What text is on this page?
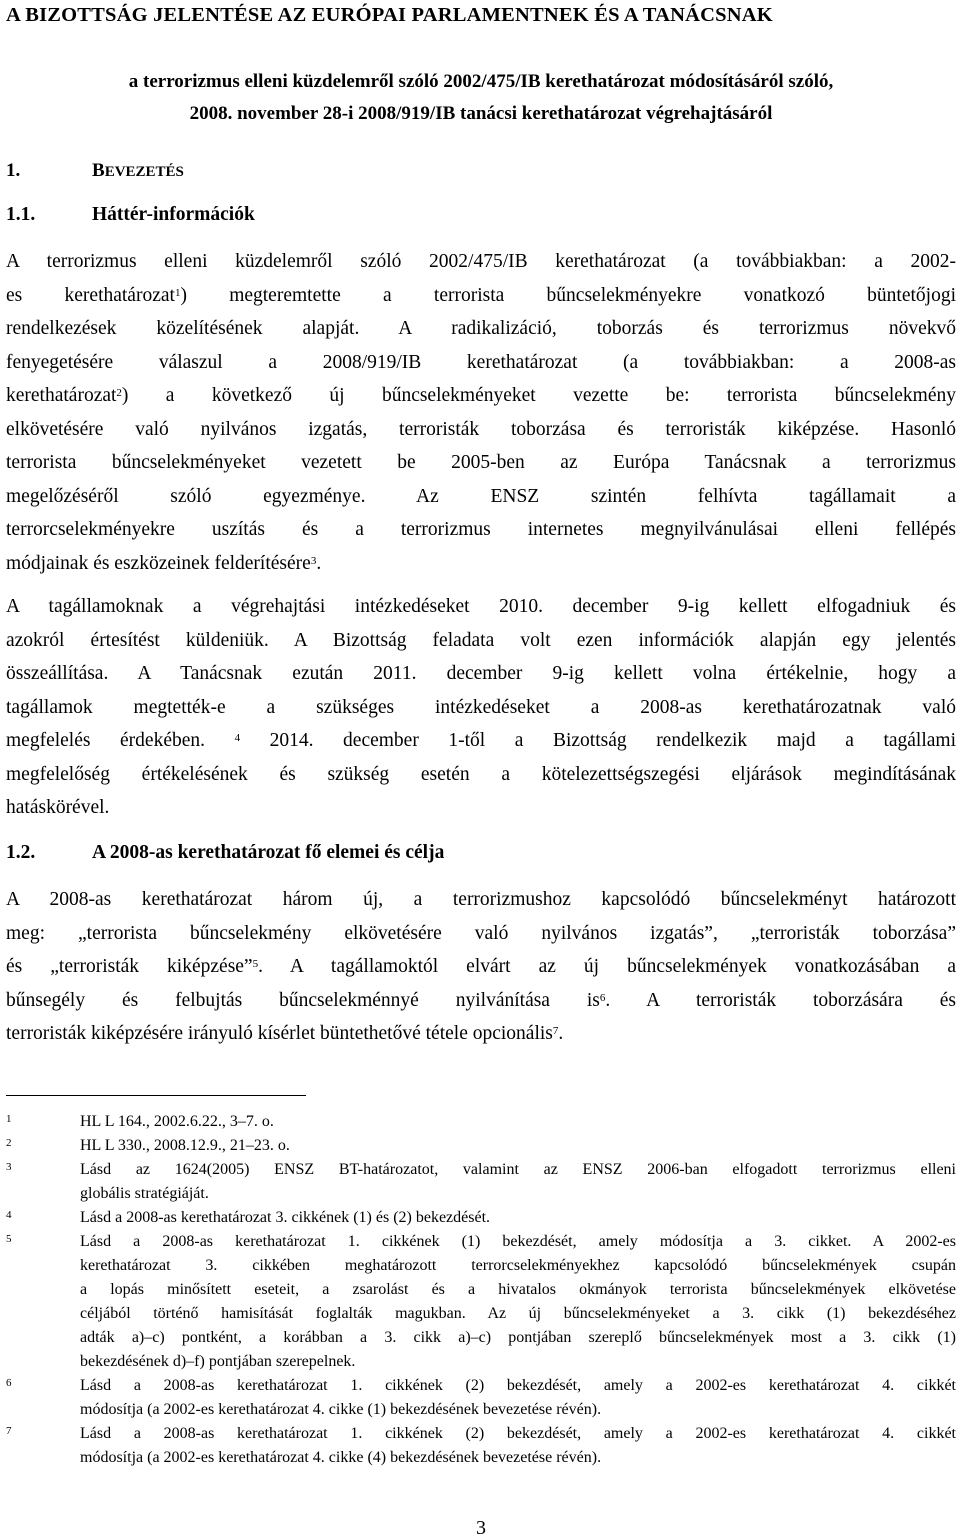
A BIZOTTSÁG JELENTÉSE AZ EURÓPAI PARLAMENTNEK ÉS A TANÁCSNAK
a terrorizmus elleni küzdelemről szóló 2002/475/IB kerethatározat módosításáról szóló,
2008. november 28-i 2008/919/IB tanácsi kerethatározat végrehajtásáról
1.	BEVEZETÉS
1.1.	Háttér-információk
A terrorizmus elleni küzdelemről szóló 2002/475/IB kerethatározat (a továbbiakban: a 2002-
es kerethatározat$^1$) megteremtette a terrorista bűncselekményekre vonatkozó büntetőjogi
rendelkezések közelítésének alapját. A radikalizáció, toborzás és terrorizmus növekvő
fenyegetésére válaszul a 2008/919/IB kerethatározat (a továbbiakban: a 2008-as
kerethatározat$^2$) a következő új bűncselekményeket vezette be: terrorista bűncselekmény
elkövetésére való nyilvános izgatás, terroristák toborzása és terroristák kiképzése. Hasonló
terrorista bűncselekményeket vezetett be 2005-ben az Európa Tanácsnak a terrorizmus
megelőzéséről szóló egyezménye. Az ENSZ szintén felhívta tagállamait a
terrorcselekményekre uszítás és a terrorizmus internetes megnyilvánulásai elleni fellépés
módjainak és eszközeinek felderítésére$^3$.
A tagállamoknak a végrehajtási intézkedéseket 2010. december 9-ig kellett elfogadniuk és
azokról értesítést küldeniük. A Bizottság feladata volt ezen információk alapján egy jelentés
összeállítása. A Tanácsnak ezután 2011. december 9-ig kellett volna értékelnie, hogy a
tagállamok megtették-e a szükséges intézkedéseket a 2008-as kerethatározatnak való
megfelelés érdekében.	$^4$ 2014. december 1-től a Bizottság rendelkezik majd a tagállami
megfelelőség értékelésének és szükség esetén a kötelezettségszegési eljárások megindításának
hatáskörével.
1.2.	A 2008-as kerethatározat fő elemei és célja
A 2008-as kerethatározat három új, a terrorizmushoz kapcsolódó bűncselekményt határozott
meg: „terrorista bűncselekmény elkövetésére való nyilvános izgatás”, „terroristák toborzása”
és „terroristák kiképzése”$^5$. A tagállamoktól elvárt az új bűncselekmények vonatkozásában a
bűnsegély és felbujtás bűncselekménnyé nyilvánítása $is^6$. A terroristák toborzására és
terroristák kiképzésére irányuló kísérlet büntethetővé tétele opcionális$^7$.
1	HL L 164., 2002.6.22., 3–7. o.
2	HL L 330., 2008.12.9., 21–23. o.
3	Lásd az 1624(2005) ENSZ BT-határozatot, valamint az ENSZ 2006-ban elfogadott terrorizmus elleni
globális stratégiáját.
4	Lásd a 2008-as kerethatározat 3. cikkének (1) és (2) bekezdését.
5	Lásd a 2008-as kerethatározat 1. cikkének (1) bekezdését, amely módosítja a 3. cikket. A 2002-es
kerethatározat 3. cikkében meghatározott terrorcselekményekhez kapcsolódó bűncselekmények csupán
a lopás minősített eseteit, a zsarolást és a hivatalos okmányok terrorista bűncselekmények elkövetése
céljából történő hamisítását foglalták magukban. Az új bűncselekményeket a 3. cikk (1) bekezdéséhez
adták a)–c) pontként, a korábban a 3. cikk a)–c) pontjában szereplő bűncselekmények most a 3. cikk (1)
bekezdésének d)–f) pontjában szerepelnek.
6	Lásd a 2008-as kerethatározat 1. cikkének (2) bekezdését, amely a 2002-es kerethatározat 4. cikkét
módosítja (a 2002-es kerethatározat 4. cikke (1) bekezdésének bevezetése révén).
7	Lásd a 2008-as kerethatározat 1. cikkének (2) bekezdését, amely a 2002-es kerethatározat 4. cikkét
módosítja (a 2002-es kerethatározat 4. cikke (4) bekezdésének bevezetése révén).
3
